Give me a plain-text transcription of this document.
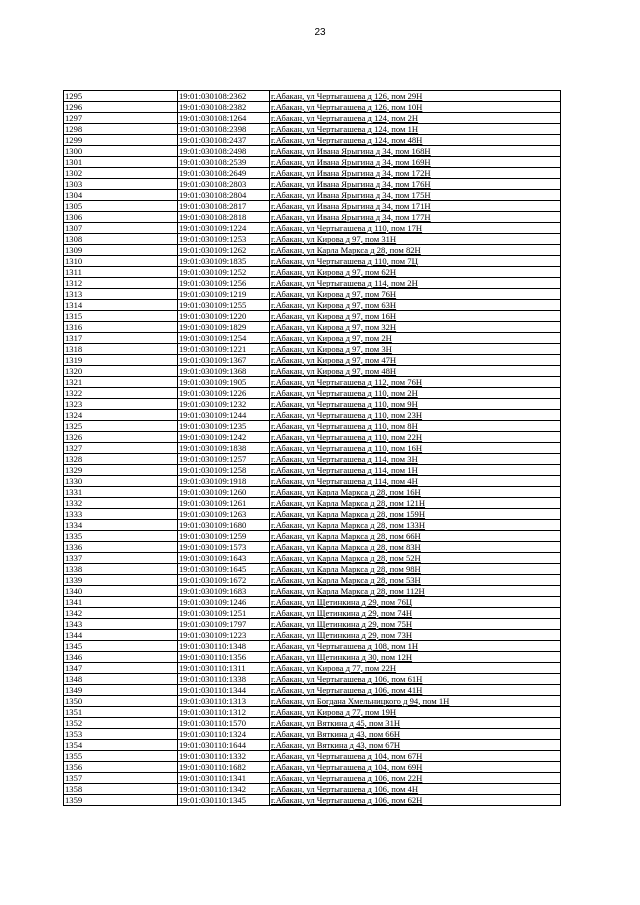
23
1295	19:01:030108:2362	г.Абакан, ул Чертыгашева д 126, пом 29Н
1296	19:01:030108:2382	г.Абакан, ул Чертыгашева д 126, пом 10Н
1297	19:01:030108:1264	г.Абакан, ул Чертыгашева д 124, пом 2Н
1298	19:01:030108:2398	г.Абакан, ул Чертыгашева д 124, пом 1Н
1299	19:01:030108:2437	г.Абакан, ул Чертыгашева д 124, пом 48Н
1300	19:01:030108:2498	г.Абакан, ул Ивана Ярыгина д 34, пом 168Н
1301	19:01:030108:2539	г.Абакан, ул Ивана Ярыгина д 34, пом 169Н
1302	19:01:030108:2649	г.Абакан, ул Ивана Ярыгина д 34, пом 172Н
1303	19:01:030108:2803	г.Абакан, ул Ивана Ярыгина д 34, пом 176Н
1304	19:01:030108:2804	г.Абакан, ул Ивана Ярыгина д 34, пом 175Н
1305	19:01:030108:2817	г.Абакан, ул Ивана Ярыгина д 34, пом 171Н
1306	19:01:030108:2818	г.Абакан, ул Ивана Ярыгина д 34, пом 177Н
1307	19:01:030109:1224	г.Абакан, ул Чертыгашева д 110, пом 17Н
1308	19:01:030109:1253	г.Абакан, ул Кирова д 97, пом 31Н
1309	19:01:030109:1262	г.Абакан, ул Карла Маркса д 28, пом 82Н
1310	19:01:030109:1835	г.Абакан, ул Чертыгашева д 110, пом 7Ц
1311	19:01:030109:1252	г.Абакан, ул Кирова д 97, пом 62Н
1312	19:01:030109:1256	г.Абакан, ул Чертыгашева д 114, пом 2Н
1313	19:01:030109:1219	г.Абакан, ул Кирова д 97, пом 76Н
1314	19:01:030109:1255	г.Абакан, ул Кирова д 97, пом 63Н
1315	19:01:030109:1220	г.Абакан, ул Кирова д 97, пом 16Н
1316	19:01:030109:1829	г.Абакан, ул Кирова д 97, пом 32Н
1317	19:01:030109:1254	г.Абакан, ул Кирова д 97, пом 2Н
1318	19:01:030109:1221	г.Абакан, ул Кирова д 97, пом 3Н
1319	19:01:030109:1367	г.Абакан, ул Кирова д 97, пом 47Н
1320	19:01:030109:1368	г.Абакан, ул Кирова д 97, пом 48Н
1321	19:01:030109:1905	г.Абакан, ул Чертыгашева д 112, пом 76Н
1322	19:01:030109:1226	г.Абакан, ул Чертыгашева д 110, пом 2Н
1323	19:01:030109:1232	г.Абакан, ул Чертыгашева д 110, пом 9Н
1324	19:01:030109:1244	г.Абакан, ул Чертыгашева д 110, пом 23Н
1325	19:01:030109:1235	г.Абакан, ул Чертыгашева д 110, пом 8Н
1326	19:01:030109:1242	г.Абакан, ул Чертыгашева д 110, пом 22Н
1327	19:01:030109:1838	г.Абакан, ул Чертыгашева д 110, пом 16Н
1328	19:01:030109:1257	г.Абакан, ул Чертыгашева д 114, пом 3Н
1329	19:01:030109:1258	г.Абакан, ул Чертыгашева д 114, пом 1Н
1330	19:01:030109:1918	г.Абакан, ул Чертыгашева д 114, пом 4Н
1331	19:01:030109:1260	г.Абакан, ул Карла Маркса д 28, пом 16Н
1332	19:01:030109:1261	г.Абакан, ул Карла Маркса д 28, пом 121Н
1333	19:01:030109:1263	г.Абакан, ул Карла Маркса д 28, пом 159Н
1334	19:01:030109:1680	г.Абакан, ул Карла Маркса д 28, пом 133Н
1335	19:01:030109:1259	г.Абакан, ул Карла Маркса д 28, пом 66Н
1336	19:01:030109:1573	г.Абакан, ул Карла Маркса д 28, пом 83Н
1337	19:01:030109:1643	г.Абакан, ул Карла Маркса д 28, пом 52Н
1338	19:01:030109:1645	г.Абакан, ул Карла Маркса д 28, пом 98Н
1339	19:01:030109:1672	г.Абакан, ул Карла Маркса д 28, пом 53Н
1340	19:01:030109:1683	г.Абакан, ул Карла Маркса д 28, пом 112Н
1341	19:01:030109:1246	г.Абакан, ул Щетинкина д 29, пом 76Ц
1342	19:01:030109:1251	г.Абакан, ул Щетинкина д 29, пом 74Н
1343	19:01:030109:1797	г.Абакан, ул Щетинкина д 29, пом 75Н
1344	19:01:030109:1223	г.Абакан, ул Щетинкина д 29, пом 73Н
1345	19:01:030110:1348	г.Абакан, ул Чертыгашева д 108, пом 1Н
1346	19:01:030110:1356	г.Абакан, ул Щетинкина д 30, пом 12Н
1347	19:01:030110:1311	г.Абакан, ул Кирова д 77, пом 22Н
1348	19:01:030110:1338	г.Абакан, ул Чертыгашева д 106, пом 61Н
1349	19:01:030110:1344	г.Абакан, ул Чертыгашева д 106, пом 41Н
1350	19:01:030110:1313	г.Абакан, ул Богдана Хмельницкого д 94, пом 1Н
1351	19:01:030110:1312	г.Абакан, ул Кирова д 77, пом 19Н
1352	19:01:030110:1570	г.Абакан, ул Вяткина д 45, пом 31Н
1353	19:01:030110:1324	г.Абакан, ул Вяткина д 43, пом 66Н
1354	19:01:030110:1644	г.Абакан, ул Вяткина д 43, пом 67Н
1355	19:01:030110:1332	г.Абакан, ул Чертыгашева д 104, пом 67Н
1356	19:01:030110:1682	г.Абакан, ул Чертыгашева д 104, пом 69Н
1357	19:01:030110:1341	г.Абакан, ул Чертыгашева д 106, пом 22Н
1358	19:01:030110:1342	г.Абакан, ул Чертыгашева д 106, пом 4Н
1359	19:01:030110:1345	г.Абакан, ул Чертыгашева д 106, пом 62Н
